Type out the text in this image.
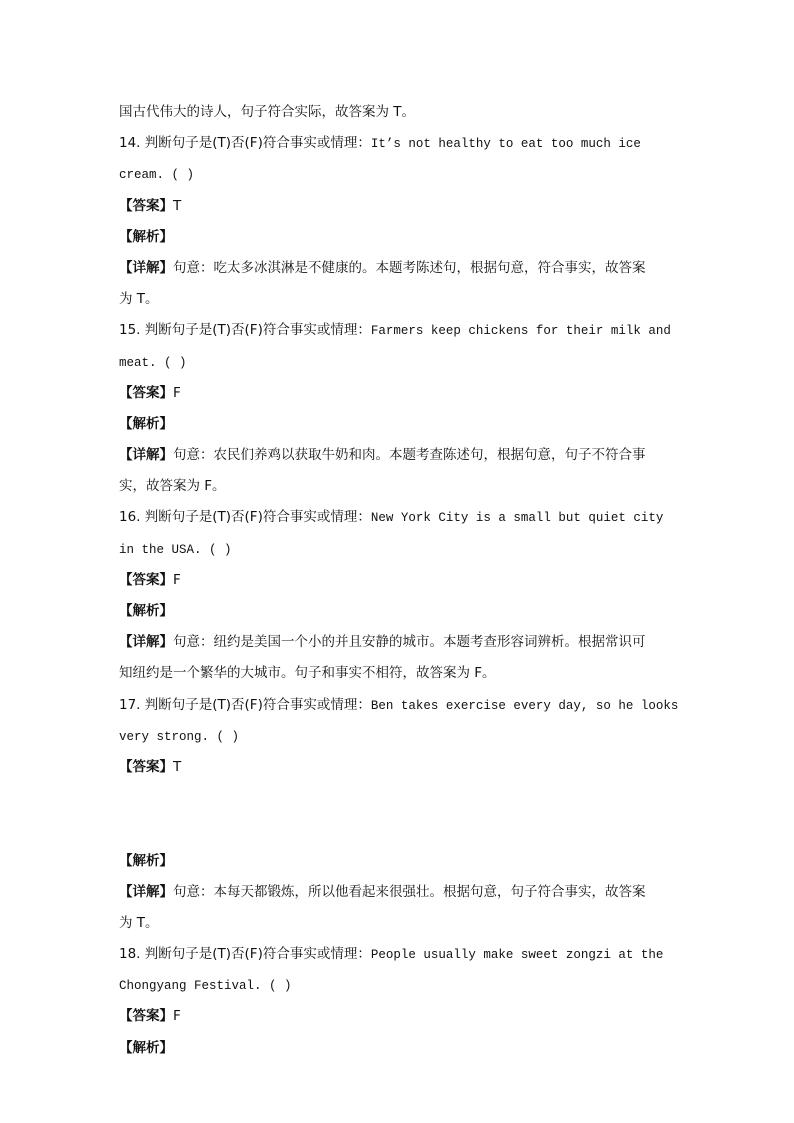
国古代伟大的诗人，句子符合实际，故答案为 T。
14. 判断句子是(T)否(F)符合事实或情理：It’s not healthy to eat too much ice
cream. ( )
【答案】T
【解析】
【详解】句意：吃太多冰淇淋是不健康的。本题考陈述句，根据句意，符合事实，故答案
为 T。
15. 判断句子是(T)否(F)符合事实或情理：Farmers keep chickens for their milk and
meat. ( )
【答案】F
【解析】
【详解】句意：农民们养鸡以获取牛奶和肉。本题考查陈述句，根据句意，句子不符合事
实，故答案为 F。
16. 判断句子是(T)否(F)符合事实或情理：New York City is a small but quiet city
in the USA. ( )
【答案】F
【解析】
【详解】句意：纽约是美国一个小的并且安静的城市。本题考查形容词辨析。根据常识可
知纽约是一个繁华的大城市。句子和事实不相符，故答案为 F。
17. 判断句子是(T)否(F)符合事实或情理：Ben takes exercise every day, so he looks
very strong. ( )
【答案】T
【解析】
【详解】句意：本每天都锻炼，所以他看起来很强壮。根据句意，句子符合事实，故答案
为 T。
18. 判断句子是(T)否(F)符合事实或情理：People usually make sweet zongzi at the
Chongyang Festival. ( )
【答案】F
【解析】
